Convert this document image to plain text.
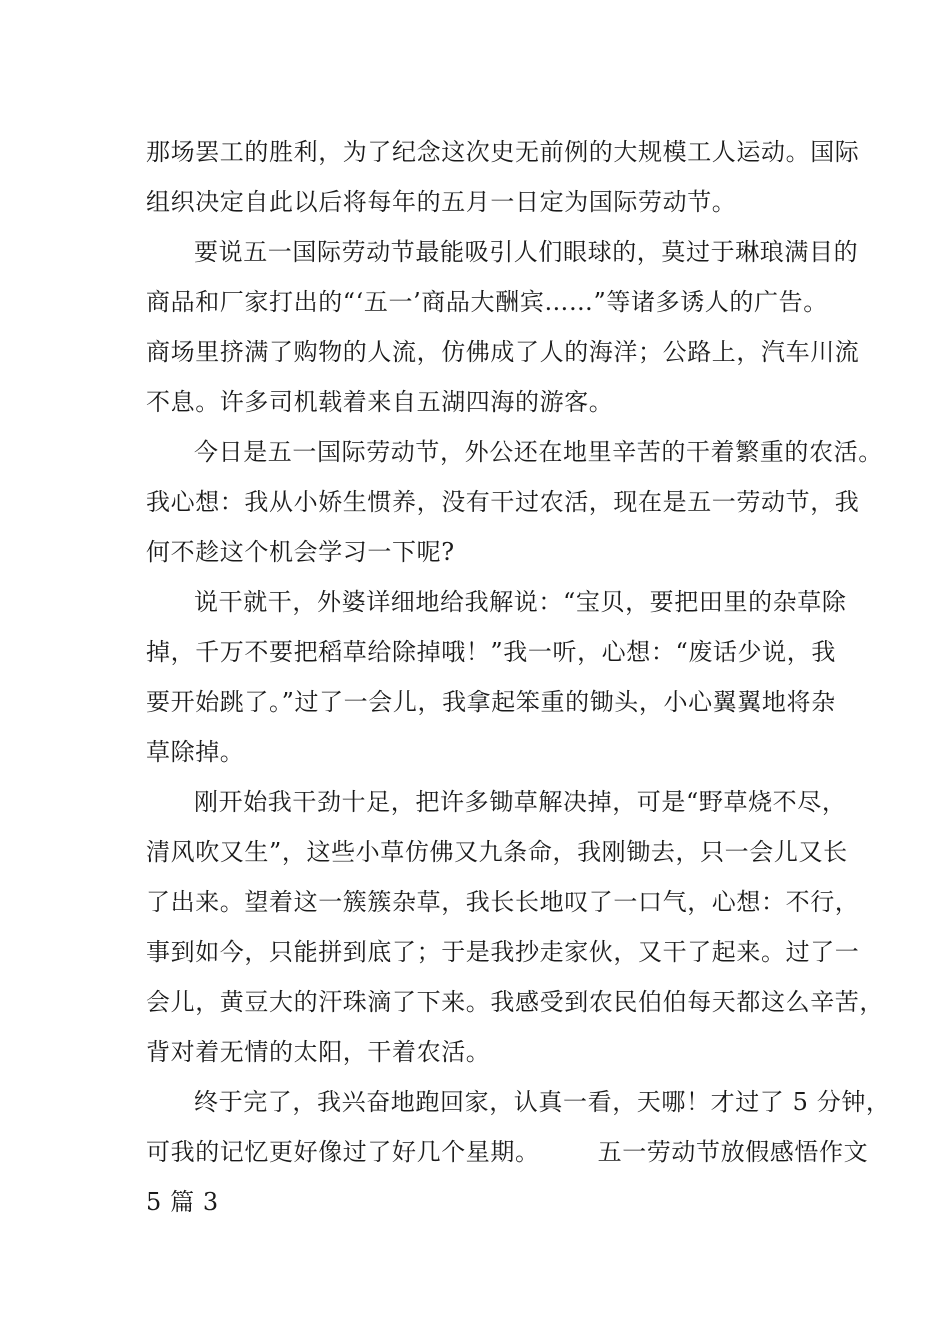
那场罢工的胜利，为了纪念这次史无前例的大规模工人运动。国际
组织决定自此以后将每年的五月一日定为国际劳动节。
要说五一国际劳动节最能吸引人们眼球的，莫过于琳琅满目的
商品和厂家打出的“‘五一’商品大酬宾……”等诸多诱人的广告。
商场里挤满了购物的人流，仿佛成了人的海洋；公路上，汽车川流
不息。许多司机载着来自五湖四海的游客。
今日是五一国际劳动节，外公还在地里辛苦的干着繁重的农活。
我心想：我从小娇生惯养，没有干过农活，现在是五一劳动节，我
何不趁这个机会学习一下呢?
说干就干，外婆详细地给我解说：“宝贝，要把田里的杂草除
掉，千万不要把稻草给除掉哦！”我一听，心想：“废话少说，我
要开始跳了。”过了一会儿，我拿起笨重的锄头，小心翼翼地将杂
草除掉。
刚开始我干劲十足，把许多锄草解决掉，可是“野草烧不尽，
清风吹又生”，这些小草仿佛又九条命，我刚锄去，只一会儿又长
了出来。望着这一簇簇杂草，我长长地叹了一口气，心想：不行，
事到如今，只能拼到底了；于是我抄走家伙，又干了起来。过了一
会儿，黄豆大的汗珠滴了下来。我感受到农民伯伯每天都这么辛苦，
背对着无情的太阳，干着农活。
终于完了，我兴奋地跑回家，认真一看，天哪！才过了 5 分钟，
可我的记忆更好像过了好几个星期。 五一劳动节放假感悟作文
5 篇 3
